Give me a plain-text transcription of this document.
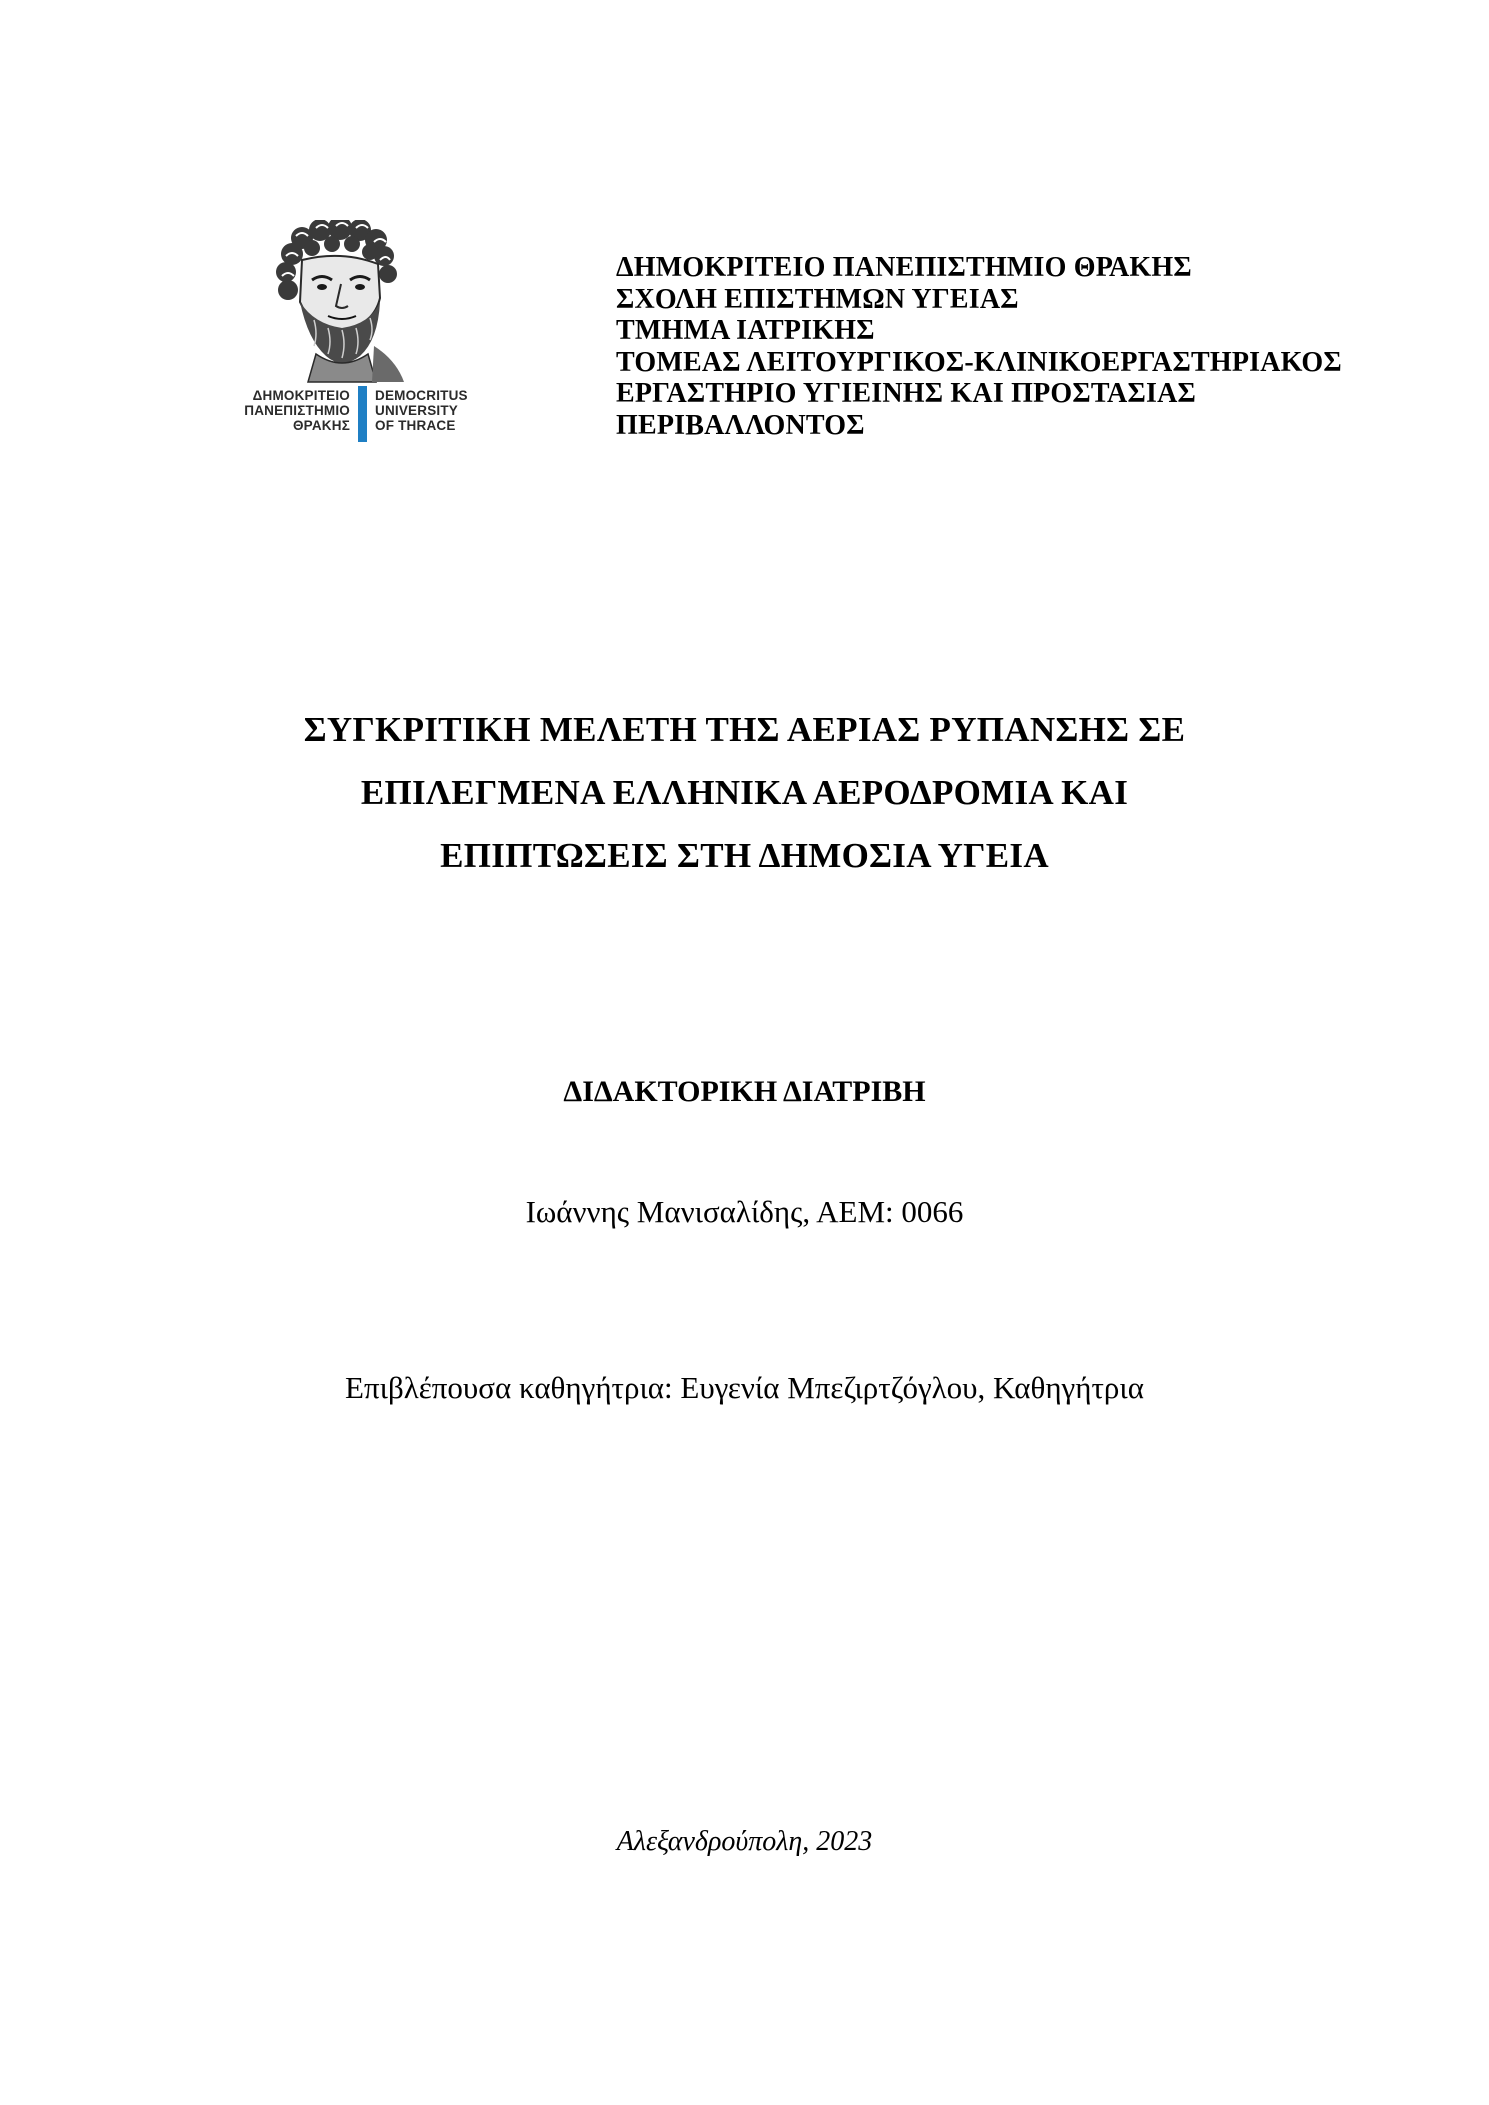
ΔΗΜΟΚΡΙΤΕΙΟ
ΠΑΝΕΠΙΣΤΗΜΙΟ
ΘΡΑΚΗΣ
DEMOCRITUS
UNIVERSITY
OF THRACE
ΔΗΜΟΚΡΙΤΕΙΟ ΠΑΝΕΠΙΣΤΗΜΙΟ ΘΡΑΚΗΣ
ΣΧΟΛΗ ΕΠΙΣΤΗΜΩΝ ΥΓΕΙΑΣ
ΤΜΗΜΑ ΙΑΤΡΙΚΗΣ
ΤΟΜΕΑΣ ΛΕΙΤΟΥΡΓΙΚΟΣ-ΚΛΙΝΙΚΟΕΡΓΑΣΤΗΡΙΑΚΟΣ
ΕΡΓΑΣΤΗΡΙΟ ΥΓΙΕΙΝΗΣ ΚΑΙ ΠΡΟΣΤΑΣΙΑΣ
ΠΕΡΙΒΑΛΛΟΝΤΟΣ
ΣΥΓΚΡΙΤΙΚΗ ΜΕΛΕΤΗ ΤΗΣ ΑΕΡΙΑΣ ΡΥΠΑΝΣΗΣ ΣΕ
ΕΠΙΛΕΓΜΕΝΑ ΕΛΛΗΝΙΚΑ ΑΕΡΟΔΡΟΜΙΑ ΚΑΙ
ΕΠΙΠΤΩΣΕΙΣ ΣΤΗ ΔΗΜΟΣΙΑ ΥΓΕΙΑ
ΔΙΔΑΚΤΟΡΙΚΗ ΔΙΑΤΡΙΒΗ
Ιωάννης Μανισαλίδης, ΑΕΜ: 0066
Επιβλέπουσα καθηγήτρια: Ευγενία Μπεζιρτζόγλου, Καθηγήτρια
Αλεξανδρούπολη, 2023
